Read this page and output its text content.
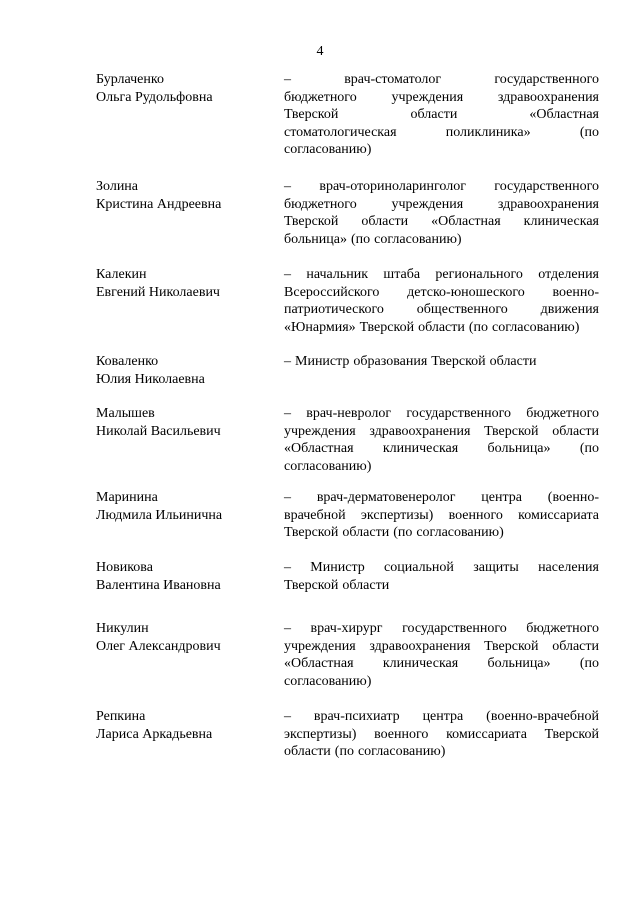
4
Бурлаченко
Ольга Рудольфовна
– врач-стоматолог государственного
бюджетного учреждения здравоохранения
Тверской области «Областная
стоматологическая поликлиника» (по
согласованию)
Золина
Кристина Андреевна
– врач-оториноларинголог государственного
бюджетного учреждения здравоохранения
Тверской области «Областная клиническая
больница» (по согласованию)
Калекин
Евгений Николаевич
– начальник штаба регионального отделения
Всероссийского детско-юношеского военно-
патриотического общественного движения
«Юнармия» Тверской области (по согласованию)
Коваленко
Юлия Николаевна
– Министр образования Тверской области
Малышев
Николай Васильевич
– врач-невролог государственного бюджетного
учреждения здравоохранения Тверской области
«Областная клиническая больница» (по
согласованию)
Маринина
Людмила Ильинична
– врач-дерматовенеролог центра (военно-
врачебной экспертизы) военного комиссариата
Тверской области (по согласованию)
Новикова
Валентина Ивановна
– Министр социальной защиты населения
Тверской области
Никулин
Олег Александрович
– врач-хирург государственного бюджетного
учреждения здравоохранения Тверской области
«Областная клиническая больница» (по
согласованию)
Репкина
Лариса Аркадьевна
– врач-психиатр центра (военно-врачебной
экспертизы) военного комиссариата Тверской
области (по согласованию)
